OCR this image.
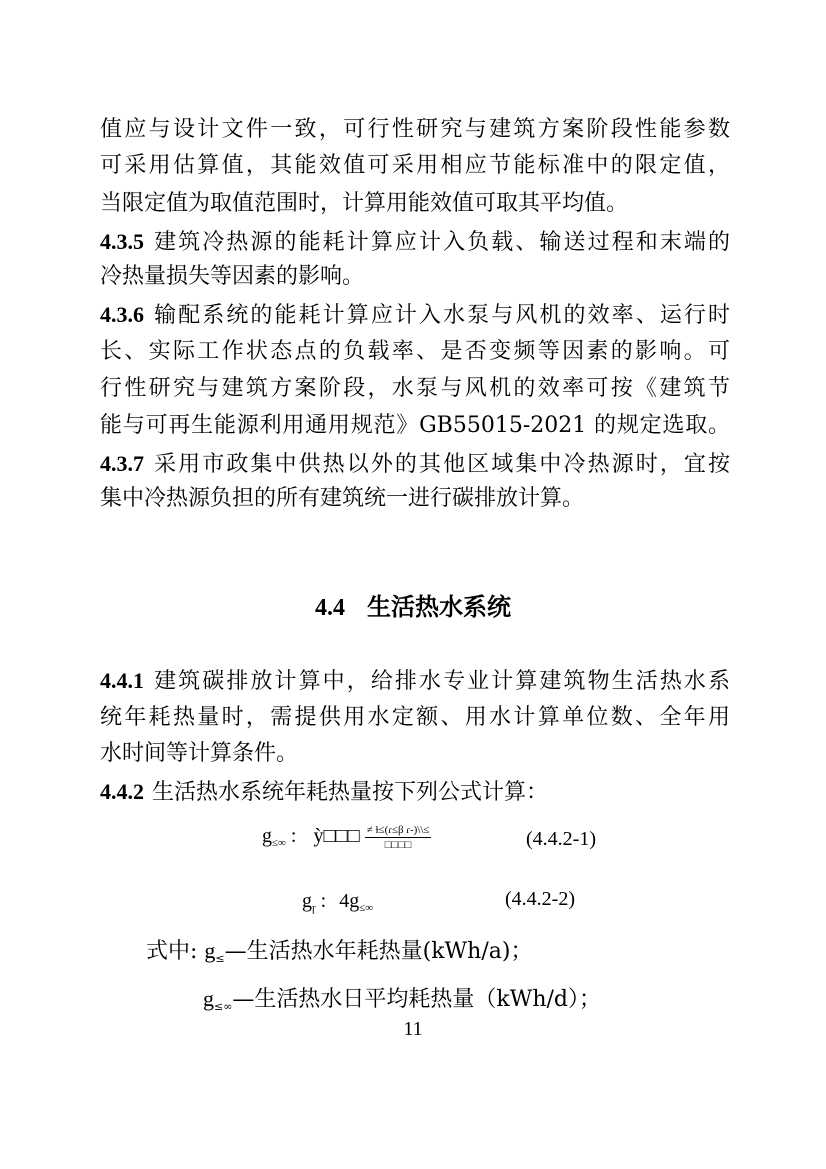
值应与设计文件一致，可行性研究与建筑方案阶段性能参数
可采用估算值，其能效值可采用相应节能标准中的限定值，
当限定值为取值范围时，计算用能效值可取其平均值。
4.3.5 建筑冷热源的能耗计算应计入负载、输送过程和末端的
冷热量损失等因素的影响。
4.3.6 输配系统的能耗计算应计入水泵与风机的效率、运行时
长、实际工作状态点的负载率、是否变频等因素的影响。可
行性研究与建筑方案阶段，水泵与风机的效率可按《建筑节
能与可再生能源利用通用规范》GB55015-2021 的规定选取。
4.3.7 采用市政集中供热以外的其他区域集中冷热源时，宜按
集中冷热源负担的所有建筑统一进行碳排放计算。
4.4 生活热水系统
4.4.1 建筑碳排放计算中，给排水专业计算建筑物生活热水系
统年耗热量时，需提供用水定额、用水计算单位数、全年用
水时间等计算条件。
4.4.2 生活热水系统年耗热量按下列公式计算：
$g_{\le\infty}$ : ỳ□□□ $\frac{\text{≠ ɫ≤(ɾ≤β ɾ-)\textbackslash{}\textbackslash{}≤}}{□□□□}$	(4.4.2-1)
$g_ɼ$ : $4g_{\le\infty}$	(4.4.2-2)
式中: $g_\le—$生活热水年耗热量(kWh/a)；
$g_{\le\infty}—$生活热水日平均耗热量（kWh/d）；
11
